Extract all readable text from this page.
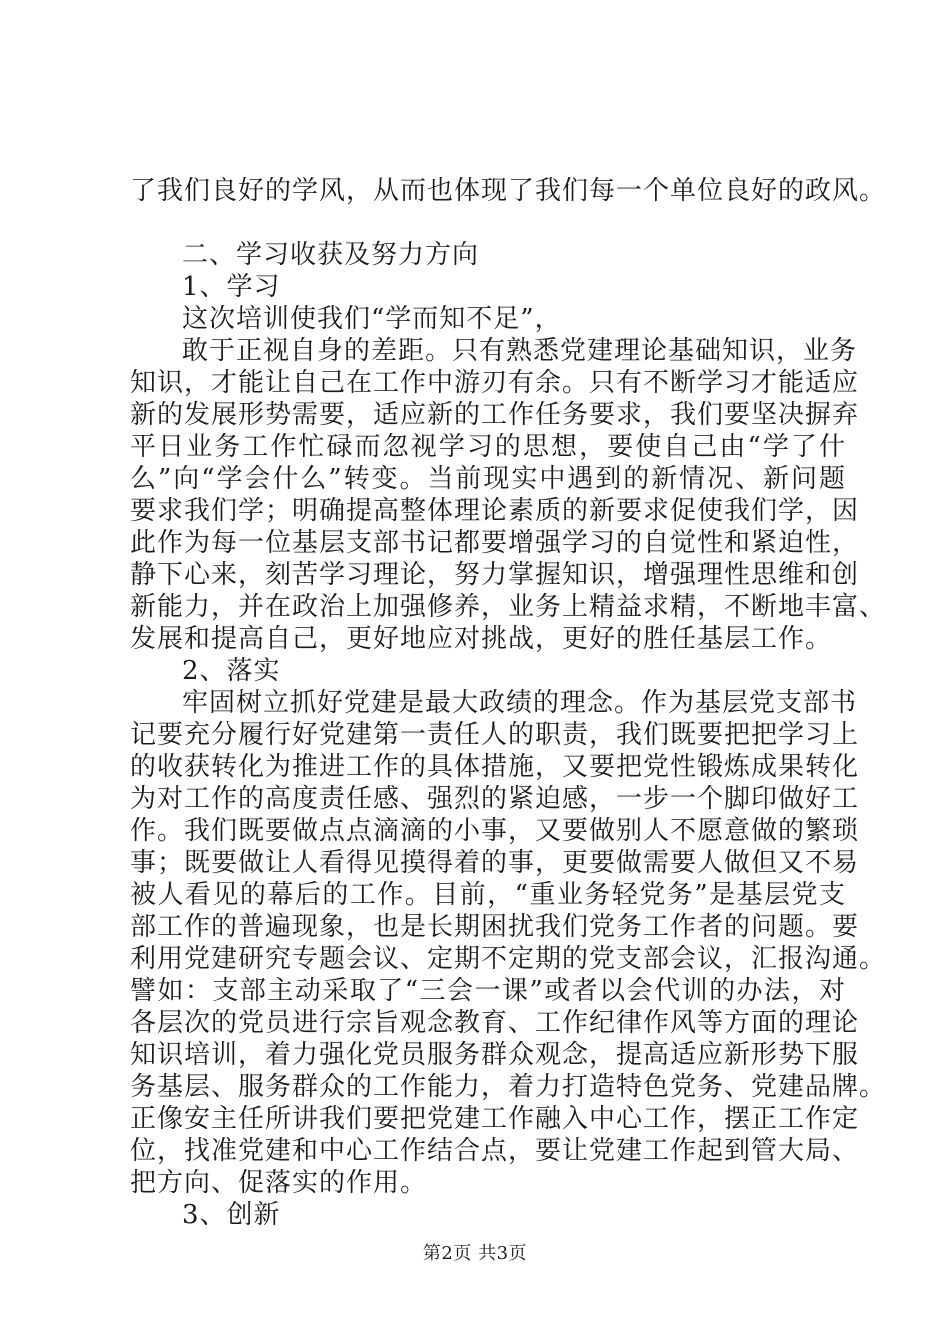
了我们良好的学风，从而也体现了我们每一个单位良好的政风。
二、学习收获及努力方向
1、学习
这次培训使我们“学而知不足”，
敢于正视自身的差距。只有熟悉党建理论基础知识，业务
知识，才能让自己在工作中游刃有余。只有不断学习才能适应
新的发展形势需要，适应新的工作任务要求，我们要坚决摒弃
平日业务工作忙碌而忽视学习的思想，要使自己由“学了什
么”向“学会什么”转变。当前现实中遇到的新情况、新问题
要求我们学；明确提高整体理论素质的新要求促使我们学，因
此作为每一位基层支部书记都要增强学习的自觉性和紧迫性，
静下心来，刻苦学习理论，努力掌握知识，增强理性思维和创
新能力，并在政治上加强修养，业务上精益求精，不断地丰富、
发展和提高自己，更好地应对挑战，更好的胜任基层工作。
2、落实
牢固树立抓好党建是最大政绩的理念。作为基层党支部书
记要充分履行好党建第一责任人的职责，我们既要把把学习上
的收获转化为推进工作的具体措施，又要把党性锻炼成果转化
为对工作的高度责任感、强烈的紧迫感，一步一个脚印做好工
作。我们既要做点点滴滴的小事，又要做别人不愿意做的繁琐
事；既要做让人看得见摸得着的事，更要做需要人做但又不易
被人看见的幕后的工作。目前，“重业务轻党务”是基层党支
部工作的普遍现象，也是长期困扰我们党务工作者的问题。要
利用党建研究专题会议、定期不定期的党支部会议，汇报沟通。
譬如：支部主动采取了“三会一课”或者以会代训的办法，对
各层次的党员进行宗旨观念教育、工作纪律作风等方面的理论
知识培训，着力强化党员服务群众观念，提高适应新形势下服
务基层、服务群众的工作能力，着力打造特色党务、党建品牌。
正像安主任所讲我们要把党建工作融入中心工作，摆正工作定
位，找准党建和中心工作结合点，要让党建工作起到管大局、
把方向、促落实的作用。
3、创新
第2页 共3页
